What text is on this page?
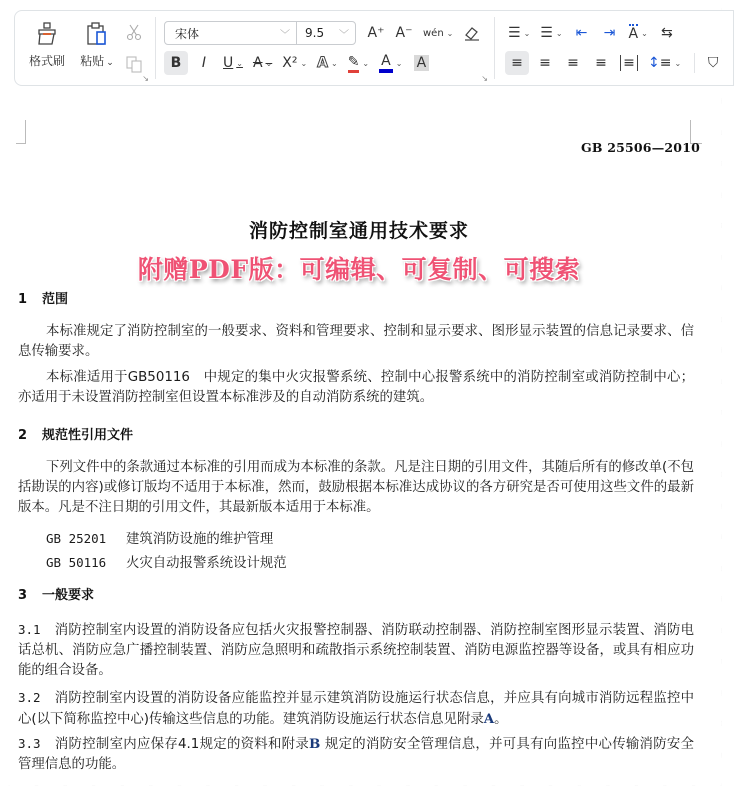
格式刷 粘贴 ⌄
↘
宋体	﹀ 9.5 ﹀ A⁺ A⁻ wén ⌄
B I U ⌄ A ⌄ X² ⌄ A ⌄ ✎ ⌄ A ⌄ A
↘
☰ ⌄ ☰ ⌄ ⇤ ⇥ A ⌄ ⇆
≡ ≡ ≡ ≡ ≡ ↕ ≡ ⌄ ⛉
GB 25506—2010
消防控制室通用技术要求
附赠PDF版：可编辑、可复制、可搜索
1 范围
本标准规定了消防控制室的一般要求、资料和管理要求、控制和显示要求、图形显示装置的信息记录要求、信息传输要求。
本标准适用于GB50116　中规定的集中火灾报警系统、控制中心报警系统中的消防控制室或消防控制中心；亦适用于未设置消防控制室但设置本标准涉及的自动消防系统的建筑。
2 规范性引用文件
下列文件中的条款通过本标准的引用而成为本标准的条款。凡是注日期的引用文件，其随后所有的修改单(不包括勘误的内容)或修订版均不适用于本标准，然而，鼓励根据本标准达成协议的各方研究是否可使用这些文件的最新版本。凡是不注日期的引用文件，其最新版本适用于本标准。
GB 25201 建筑消防设施的维护管理
GB 50116 火灾自动报警系统设计规范
3 一般要求
3.1 消防控制室内设置的消防设备应包括火灾报警控制器、消防联动控制器、消防控制室图形显示装置、消防电话总机、消防应急广播控制装置、消防应急照明和疏散指示系统控制装置、消防电源监控器等设备，或具有相应功能的组合设备。
3.2 消防控制室内设置的消防设备应能监控并显示建筑消防设施运行状态信息，并应具有向城市消防远程监控中心(以下简称监控中心)传输这些信息的功能。建筑消防设施运行状态信息见附录A。
3.3 消防控制室内应保存4.1规定的资料和附录B 规定的消防安全管理信息，并可具有向监控中心传输消防安全管理信息的功能。
